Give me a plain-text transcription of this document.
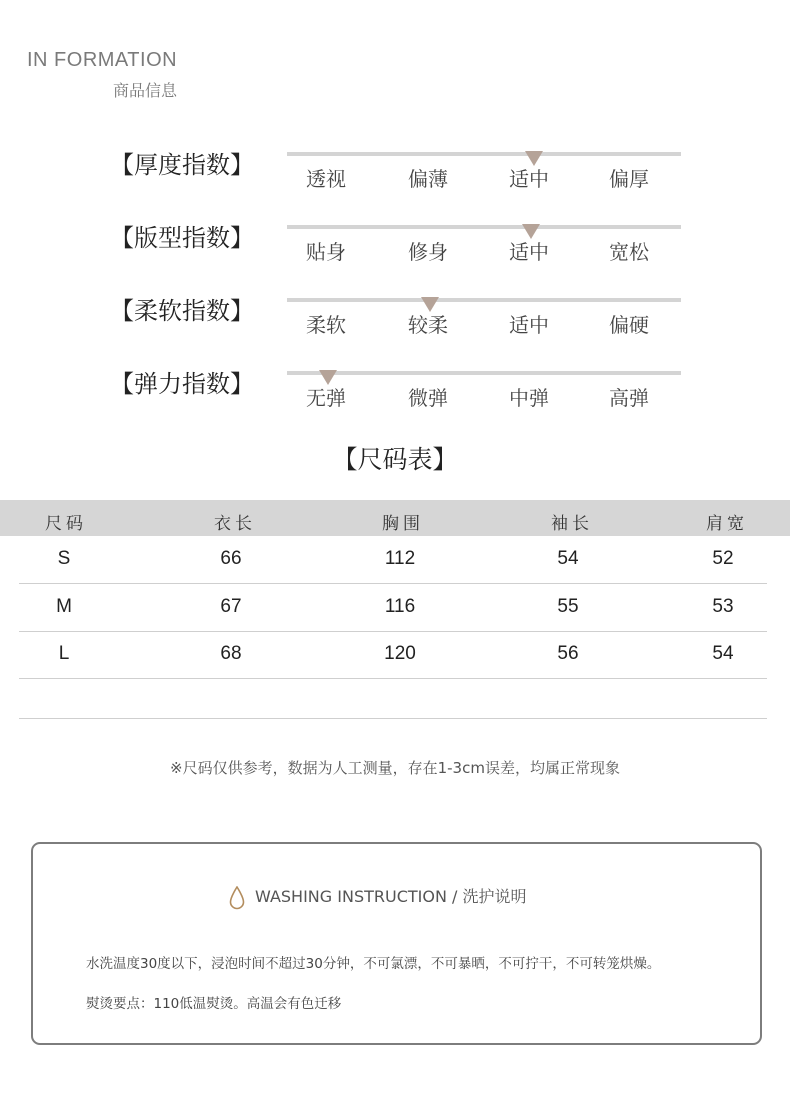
IN FORMATION
商品信息
【厚度指数】	透视	偏薄	适中	偏厚
【版型指数】	贴身	修身	适中	宽松
【柔软指数】	柔软	较柔	适中	偏硬
【弹力指数】	无弹	微弹	中弹	高弹
【尺码表】
尺码	衣长	胸围	袖长	肩宽
S	66	112	54	52
M	67	116	55	53
L	68	120	56	54
※尺码仅供参考，数据为人工测量，存在1-3cm误差，均属正常现象
WASHING INSTRUCTION / 洗护说明
水洗温度30度以下，浸泡时间不超过30分钟，不可氯漂，不可暴晒，不可拧干，不可转笼烘燥。
熨烫要点：110低温熨烫。高温会有色迁移
